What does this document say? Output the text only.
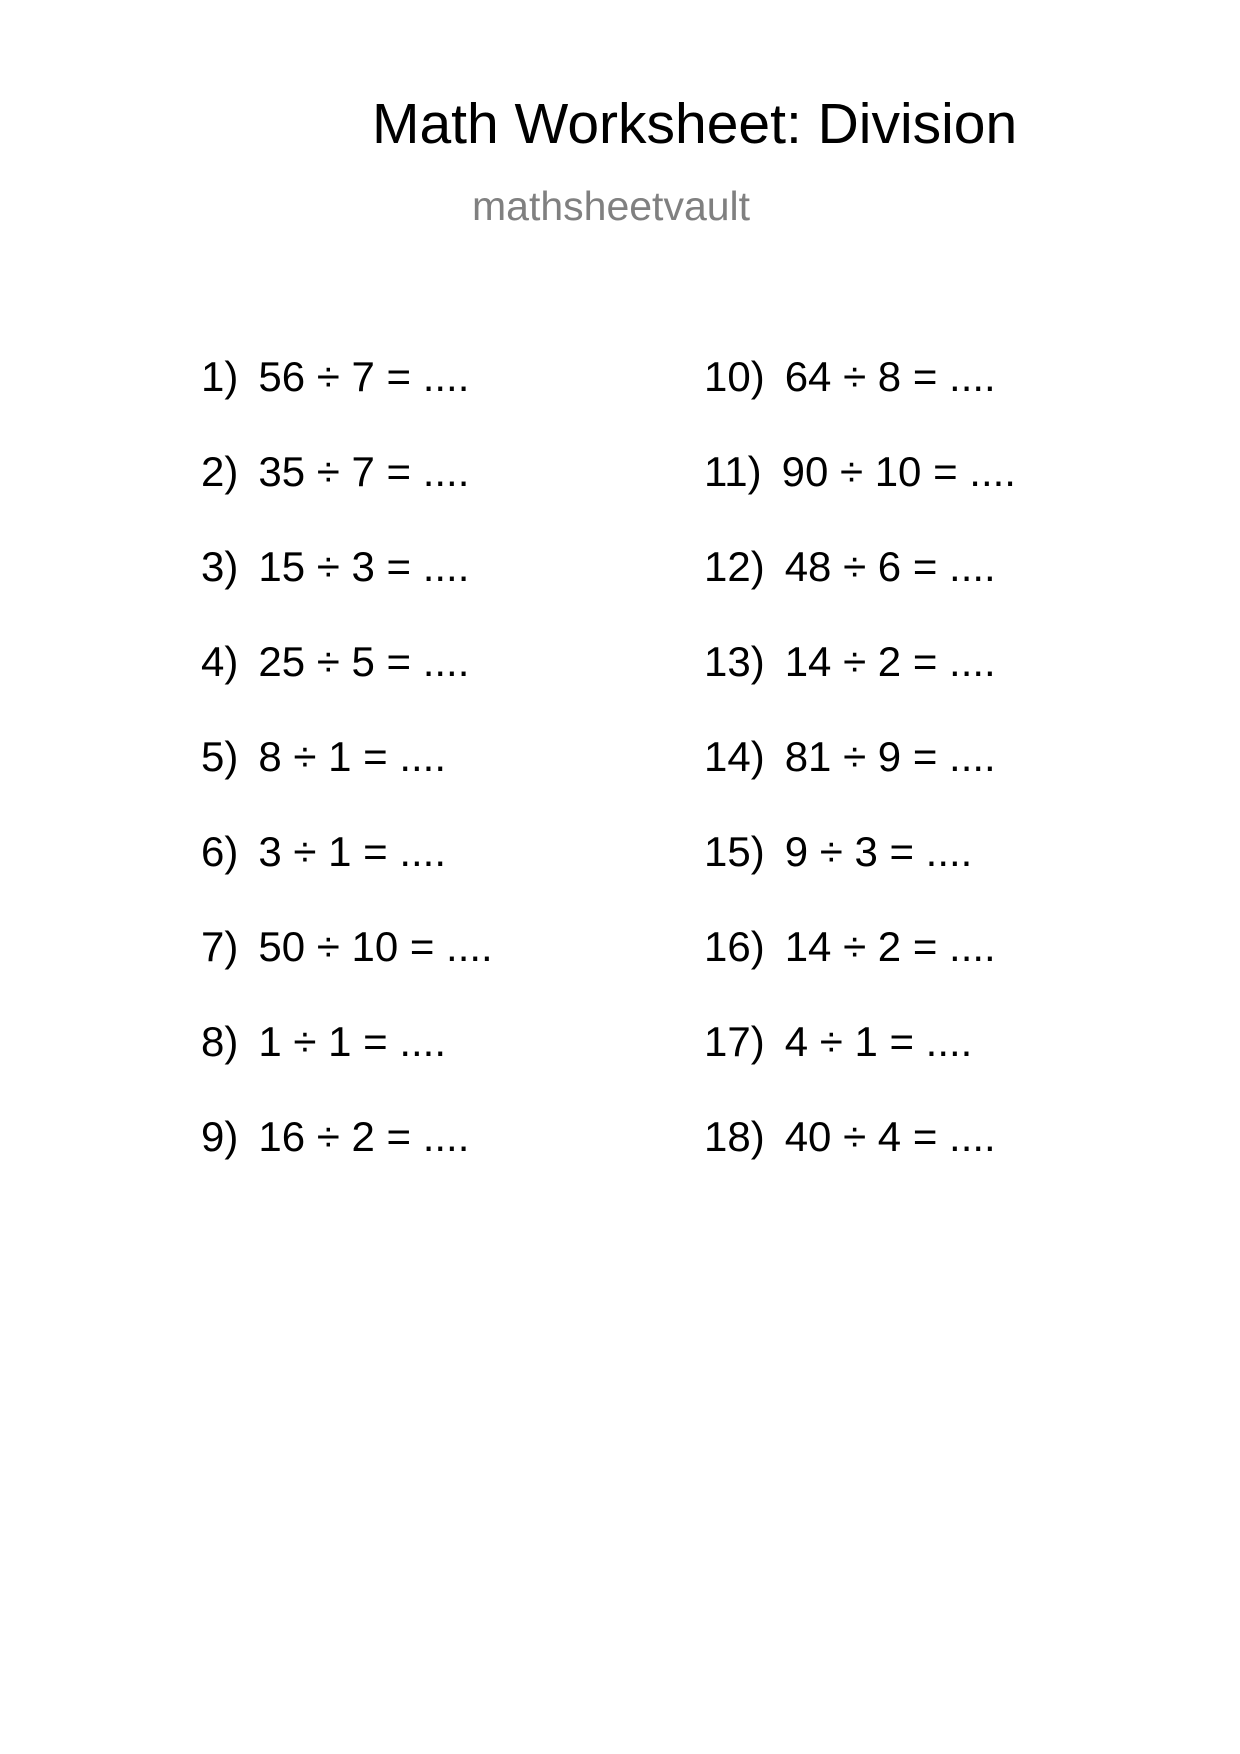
Math Worksheet: Division
mathsheetvault
1) 56 ÷ 7 = ....
2) 35 ÷ 7 = ....
3) 15 ÷ 3 = ....
4) 25 ÷ 5 = ....
5) 8 ÷ 1 = ....
6) 3 ÷ 1 = ....
7) 50 ÷ 10 = ....
8) 1 ÷ 1 = ....
9) 16 ÷ 2 = ....
10) 64 ÷ 8 = ....
11) 90 ÷ 10 = ....
12) 48 ÷ 6 = ....
13) 14 ÷ 2 = ....
14) 81 ÷ 9 = ....
15) 9 ÷ 3 = ....
16) 14 ÷ 2 = ....
17) 4 ÷ 1 = ....
18) 40 ÷ 4 = ....
